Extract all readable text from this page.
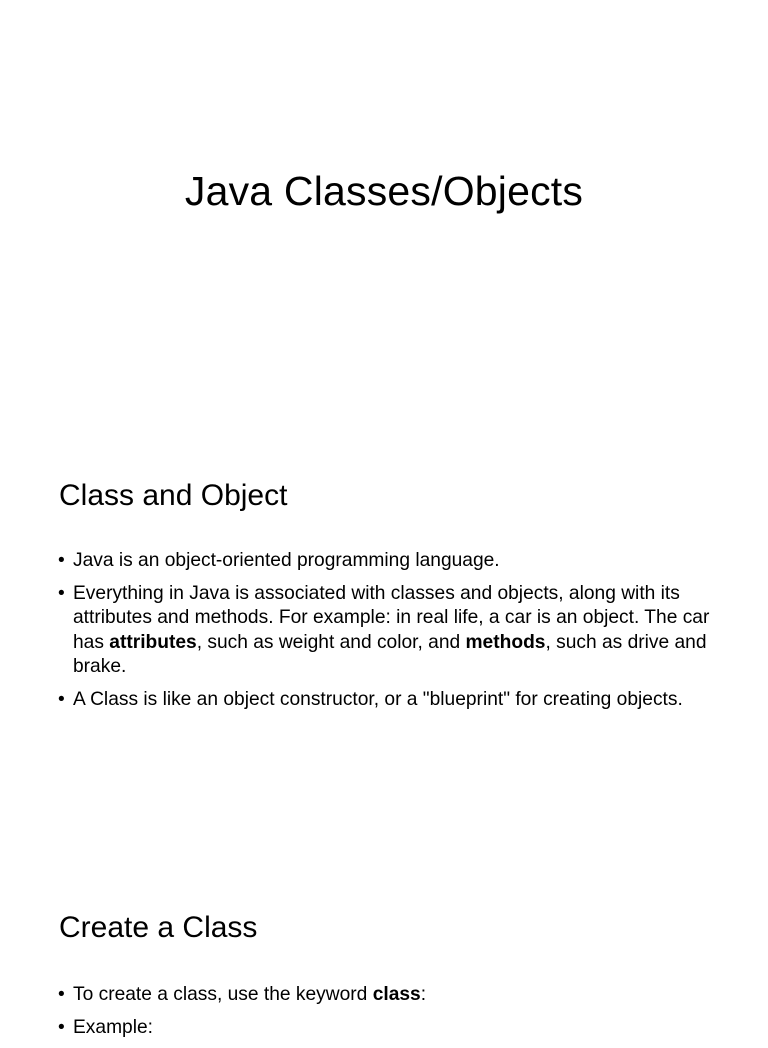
Java Classes/Objects
Class and Object
• Java is an object-oriented programming language.
• Everything in Java is associated with classes and objects, along with its attributes and methods. For example: in real life, a car is an object. The car has attributes, such as weight and color, and methods, such as drive and brake.
• A Class is like an object constructor, or a "blueprint" for creating objects.
Create a Class
• To create a class, use the keyword class:
• Example:
